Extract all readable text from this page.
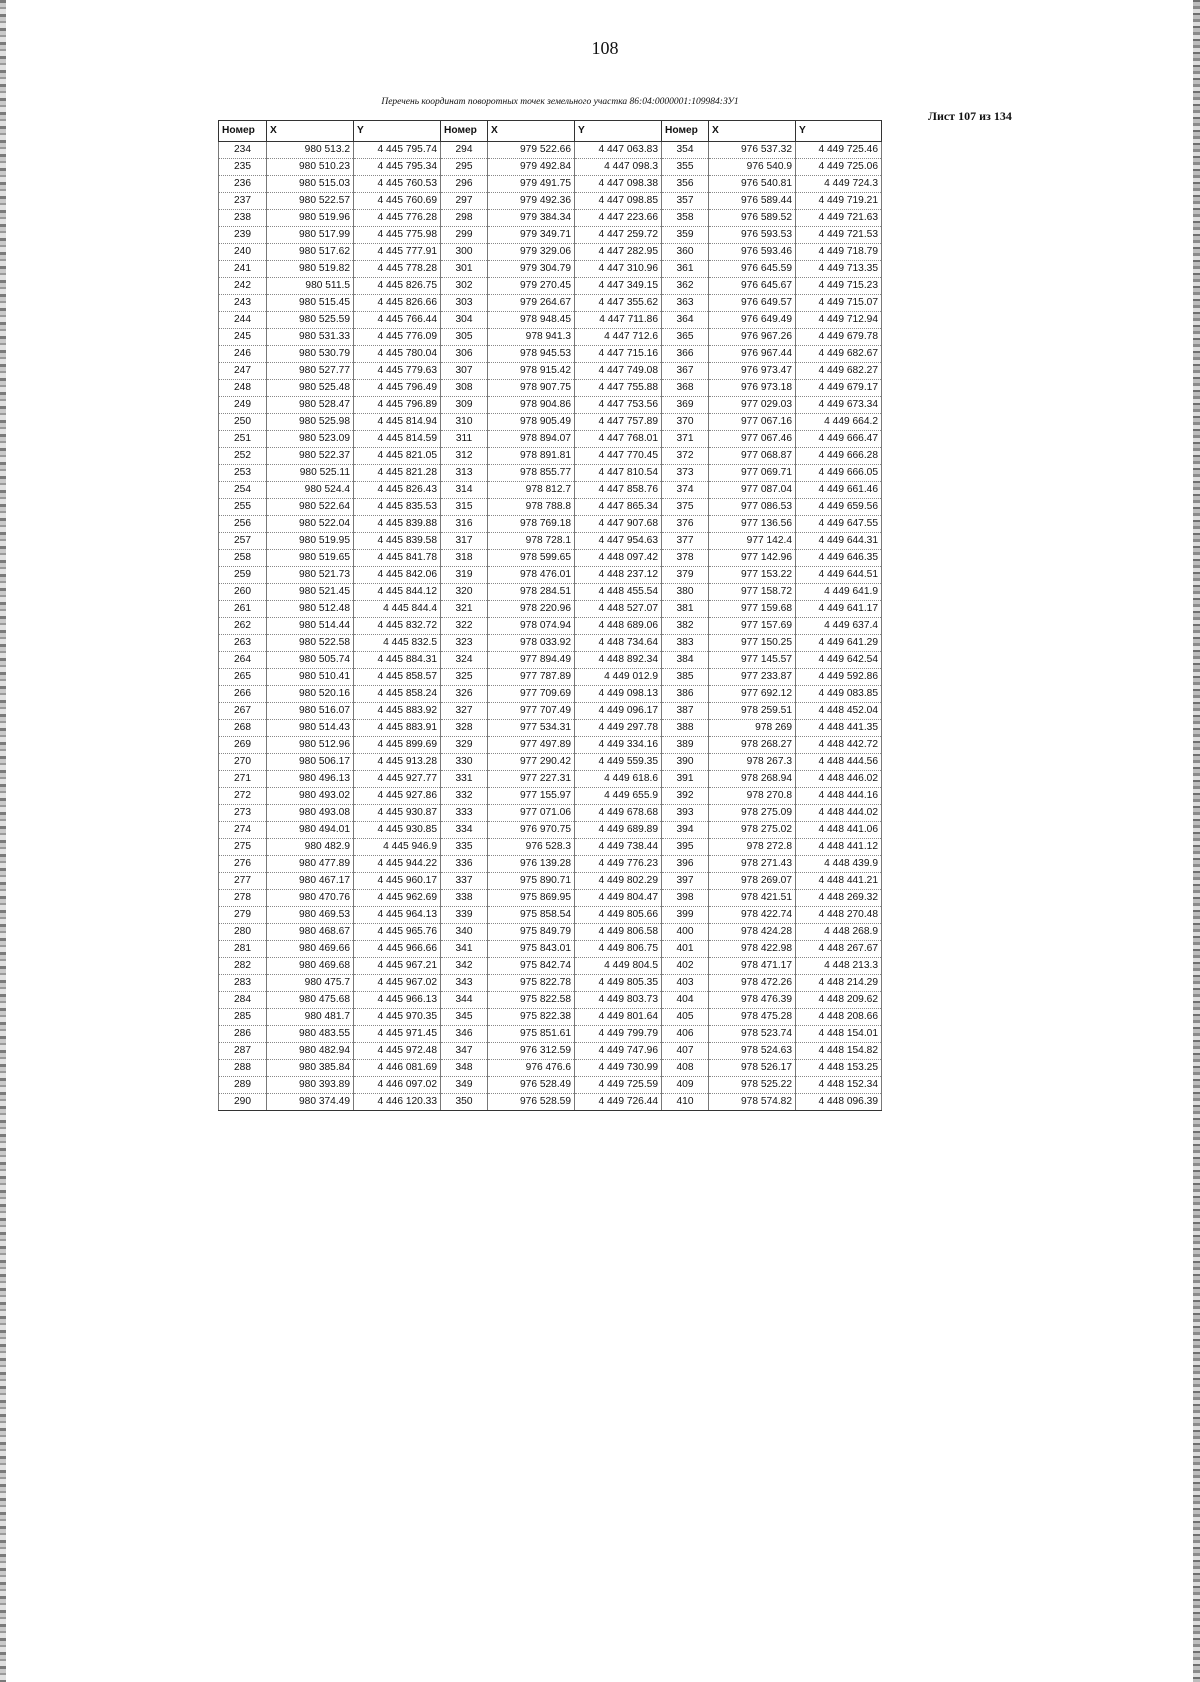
108
Перечень координат поворотных точек земельного участка 86:04:0000001:109984:ЗУ1
Лист 107 из 134
Номер	X	Y	Номер	X	Y	Номер	X	Y
234	980 513.2	4 445 795.74	294	979 522.66	4 447 063.83	354	976 537.32	4 449 725.46
235	980 510.23	4 445 795.34	295	979 492.84	4 447 098.3	355	976 540.9	4 449 725.06
236	980 515.03	4 445 760.53	296	979 491.75	4 447 098.38	356	976 540.81	4 449 724.3
237	980 522.57	4 445 760.69	297	979 492.36	4 447 098.85	357	976 589.44	4 449 719.21
238	980 519.96	4 445 776.28	298	979 384.34	4 447 223.66	358	976 589.52	4 449 721.63
239	980 517.99	4 445 775.98	299	979 349.71	4 447 259.72	359	976 593.53	4 449 721.53
240	980 517.62	4 445 777.91	300	979 329.06	4 447 282.95	360	976 593.46	4 449 718.79
241	980 519.82	4 445 778.28	301	979 304.79	4 447 310.96	361	976 645.59	4 449 713.35
242	980 511.5	4 445 826.75	302	979 270.45	4 447 349.15	362	976 645.67	4 449 715.23
243	980 515.45	4 445 826.66	303	979 264.67	4 447 355.62	363	976 649.57	4 449 715.07
244	980 525.59	4 445 766.44	304	978 948.45	4 447 711.86	364	976 649.49	4 449 712.94
245	980 531.33	4 445 776.09	305	978 941.3	4 447 712.6	365	976 967.26	4 449 679.78
246	980 530.79	4 445 780.04	306	978 945.53	4 447 715.16	366	976 967.44	4 449 682.67
247	980 527.77	4 445 779.63	307	978 915.42	4 447 749.08	367	976 973.47	4 449 682.27
248	980 525.48	4 445 796.49	308	978 907.75	4 447 755.88	368	976 973.18	4 449 679.17
249	980 528.47	4 445 796.89	309	978 904.86	4 447 753.56	369	977 029.03	4 449 673.34
250	980 525.98	4 445 814.94	310	978 905.49	4 447 757.89	370	977 067.16	4 449 664.2
251	980 523.09	4 445 814.59	311	978 894.07	4 447 768.01	371	977 067.46	4 449 666.47
252	980 522.37	4 445 821.05	312	978 891.81	4 447 770.45	372	977 068.87	4 449 666.28
253	980 525.11	4 445 821.28	313	978 855.77	4 447 810.54	373	977 069.71	4 449 666.05
254	980 524.4	4 445 826.43	314	978 812.7	4 447 858.76	374	977 087.04	4 449 661.46
255	980 522.64	4 445 835.53	315	978 788.8	4 447 865.34	375	977 086.53	4 449 659.56
256	980 522.04	4 445 839.88	316	978 769.18	4 447 907.68	376	977 136.56	4 449 647.55
257	980 519.95	4 445 839.58	317	978 728.1	4 447 954.63	377	977 142.4	4 449 644.31
258	980 519.65	4 445 841.78	318	978 599.65	4 448 097.42	378	977 142.96	4 449 646.35
259	980 521.73	4 445 842.06	319	978 476.01	4 448 237.12	379	977 153.22	4 449 644.51
260	980 521.45	4 445 844.12	320	978 284.51	4 448 455.54	380	977 158.72	4 449 641.9
261	980 512.48	4 445 844.4	321	978 220.96	4 448 527.07	381	977 159.68	4 449 641.17
262	980 514.44	4 445 832.72	322	978 074.94	4 448 689.06	382	977 157.69	4 449 637.4
263	980 522.58	4 445 832.5	323	978 033.92	4 448 734.64	383	977 150.25	4 449 641.29
264	980 505.74	4 445 884.31	324	977 894.49	4 448 892.34	384	977 145.57	4 449 642.54
265	980 510.41	4 445 858.57	325	977 787.89	4 449 012.9	385	977 233.87	4 449 592.86
266	980 520.16	4 445 858.24	326	977 709.69	4 449 098.13	386	977 692.12	4 449 083.85
267	980 516.07	4 445 883.92	327	977 707.49	4 449 096.17	387	978 259.51	4 448 452.04
268	980 514.43	4 445 883.91	328	977 534.31	4 449 297.78	388	978 269	4 448 441.35
269	980 512.96	4 445 899.69	329	977 497.89	4 449 334.16	389	978 268.27	4 448 442.72
270	980 506.17	4 445 913.28	330	977 290.42	4 449 559.35	390	978 267.3	4 448 444.56
271	980 496.13	4 445 927.77	331	977 227.31	4 449 618.6	391	978 268.94	4 448 446.02
272	980 493.02	4 445 927.86	332	977 155.97	4 449 655.9	392	978 270.8	4 448 444.16
273	980 493.08	4 445 930.87	333	977 071.06	4 449 678.68	393	978 275.09	4 448 444.02
274	980 494.01	4 445 930.85	334	976 970.75	4 449 689.89	394	978 275.02	4 448 441.06
275	980 482.9	4 445 946.9	335	976 528.3	4 449 738.44	395	978 272.8	4 448 441.12
276	980 477.89	4 445 944.22	336	976 139.28	4 449 776.23	396	978 271.43	4 448 439.9
277	980 467.17	4 445 960.17	337	975 890.71	4 449 802.29	397	978 269.07	4 448 441.21
278	980 470.76	4 445 962.69	338	975 869.95	4 449 804.47	398	978 421.51	4 448 269.32
279	980 469.53	4 445 964.13	339	975 858.54	4 449 805.66	399	978 422.74	4 448 270.48
280	980 468.67	4 445 965.76	340	975 849.79	4 449 806.58	400	978 424.28	4 448 268.9
281	980 469.66	4 445 966.66	341	975 843.01	4 449 806.75	401	978 422.98	4 448 267.67
282	980 469.68	4 445 967.21	342	975 842.74	4 449 804.5	402	978 471.17	4 448 213.3
283	980 475.7	4 445 967.02	343	975 822.78	4 449 805.35	403	978 472.26	4 448 214.29
284	980 475.68	4 445 966.13	344	975 822.58	4 449 803.73	404	978 476.39	4 448 209.62
285	980 481.7	4 445 970.35	345	975 822.38	4 449 801.64	405	978 475.28	4 448 208.66
286	980 483.55	4 445 971.45	346	975 851.61	4 449 799.79	406	978 523.74	4 448 154.01
287	980 482.94	4 445 972.48	347	976 312.59	4 449 747.96	407	978 524.63	4 448 154.82
288	980 385.84	4 446 081.69	348	976 476.6	4 449 730.99	408	978 526.17	4 448 153.25
289	980 393.89	4 446 097.02	349	976 528.49	4 449 725.59	409	978 525.22	4 448 152.34
290	980 374.49	4 446 120.33	350	976 528.59	4 449 726.44	410	978 574.82	4 448 096.39
